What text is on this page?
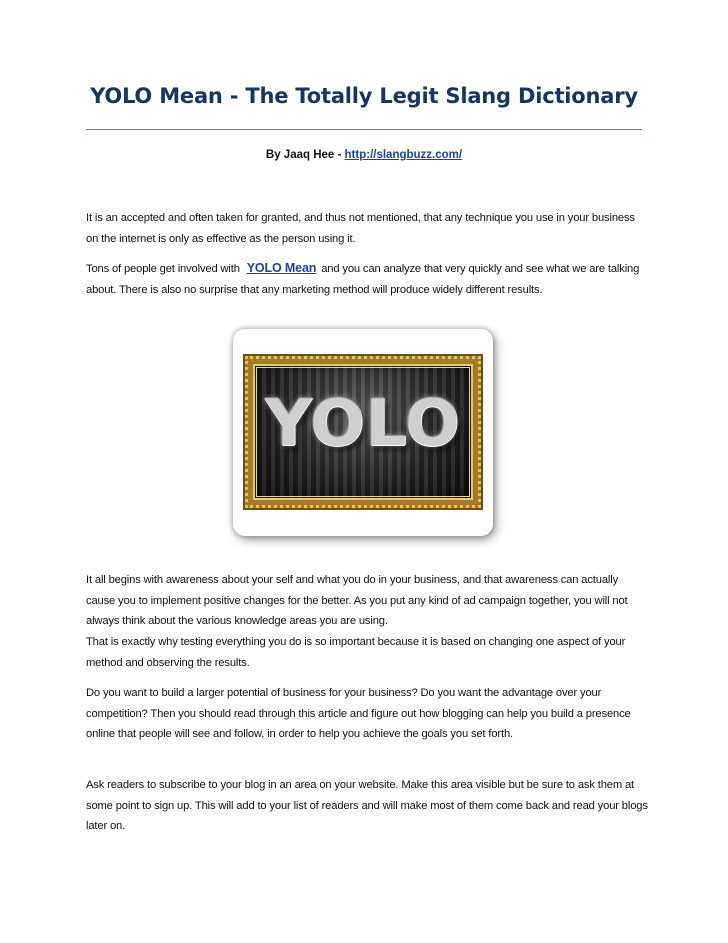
YOLO Mean - The Totally Legit Slang Dictionary
By Jaaq Hee - http://slangbuzz.com/

It is an accepted and often taken for granted, and thus not mentioned, that any technique you use in your business on the internet is only as effective as the person using it.

Tons of people get involved with YOLO Mean and you can analyze that very quickly and see what we are talking about. There is also no surprise that any marketing method will produce widely different results.

YOLO

It all begins with awareness about your self and what you do in your business, and that awareness can actually cause you to implement positive changes for the better. As you put any kind of ad campaign together, you will not always think about the various knowledge areas you are using.

That is exactly why testing everything you do is so important because it is based on changing one aspect of your method and observing the results.

Do you want to build a larger potential of business for your business? Do you want the advantage over your competition? Then you should read through this article and figure out how blogging can help you build a presence online that people will see and follow, in order to help you achieve the goals you set forth.

Ask readers to subscribe to your blog in an area on your website. Make this area visible but be sure to ask them at some point to sign up. This will add to your list of readers and will make most of them come back and read your blogs later on.
